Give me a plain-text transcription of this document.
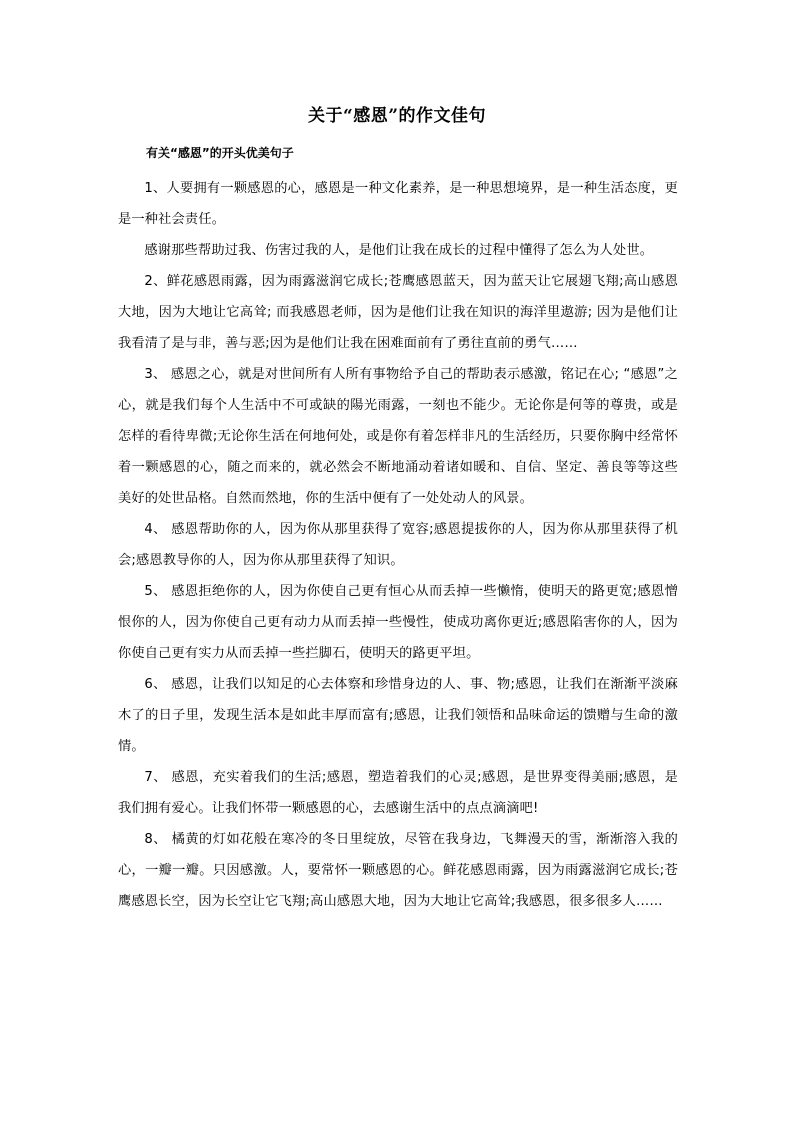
关于“感恩”的作文佳句
有关“感恩”的开头优美句子

1、人要拥有一颗感恩的心，感恩是一种文化素养，是一种思想境界，是一种生活态度，更是一种社会责任。

感谢那些帮助过我、伤害过我的人，是他们让我在成长的过程中懂得了怎么为人处世。

2、鲜花感恩雨露，因为雨露滋润它成长;苍鹰感恩蓝天，因为蓝天让它展翅飞翔;高山感恩大地，因为大地让它高耸; 而我感恩老师，因为是他们让我在知识的海洋里遨游; 因为是他们让我看清了是与非，善与恶;因为是他们让我在困难面前有了勇往直前的勇气……

3、 感恩之心，就是对世间所有人所有事物给予自己的帮助表示感激，铭记在心; “感恩”之心，就是我们每个人生活中不可或缺的陽光雨露，一刻也不能少。无论你是何等的尊贵，或是怎样的看待卑微;无论你生活在何地何处，或是你有着怎样非凡的生活经历，只要你胸中经常怀着一颗感恩的心，随之而来的，就必然会不断地涌动着诸如暖和、自信、坚定、善良等等这些美好的处世品格。自然而然地，你的生活中便有了一处处动人的风景。

4、 感恩帮助你的人，因为你从那里获得了宽容;感恩提拔你的人，因为你从那里获得了机会;感恩教导你的人，因为你从那里获得了知识。

5、 感恩拒绝你的人，因为你使自己更有恒心从而丢掉一些懒惰，使明天的路更宽;感恩憎恨你的人，因为你使自己更有动力从而丢掉一些慢性，使成功离你更近;感恩陷害你的人，因为你使自己更有实力从而丢掉一些拦脚石，使明天的路更平坦。

6、 感恩，让我们以知足的心去体察和珍惜身边的人、事、物;感恩，让我们在渐渐平淡麻木了的日子里，发现生活本是如此丰厚而富有;感恩，让我们领悟和品味命运的馈赠与生命的激情。

7、 感恩，充实着我们的生活;感恩，塑造着我们的心灵;感恩，是世界变得美丽;感恩，是我们拥有爱心。让我们怀带一颗感恩的心，去感谢生活中的点点滴滴吧!

8、 橘黄的灯如花般在寒冷的冬日里绽放，尽管在我身边，飞舞漫天的雪，渐渐溶入我的心，一瓣一瓣。只因感激。人，要常怀一颗感恩的心。鲜花感恩雨露，因为雨露滋润它成长;苍鹰感恩长空，因为长空让它飞翔;高山感恩大地，因为大地让它高耸;我感恩，很多很多人……
